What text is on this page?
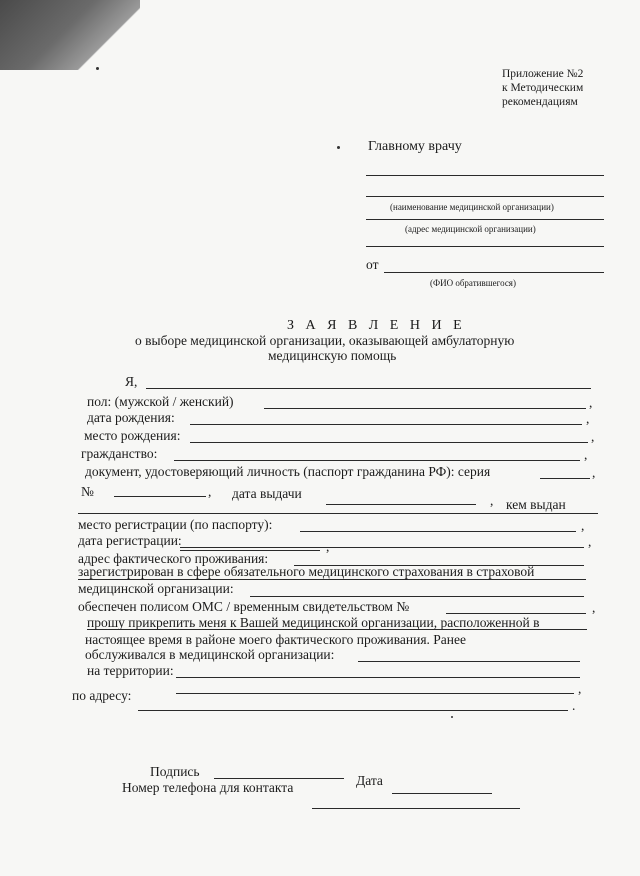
Приложение №2
к Методическим
рекомендациям
Главному врачу
(наименование медицинской организации)
(адрес медицинской организации)
от
(ФИО обратившегося)
З А Я В Л Е Н И Е
о выборе медицинской организации, оказывающей амбулаторную
медицинскую помощь
Я,
пол: (мужской / женский)	,
дата рождения:	,
место рождения:	,
гражданство:	,
документ, удостоверяющий личность (паспорт гражданина РФ): серия	,
№	, дата выдачи	, кем выдан
место регистрации (по паспорту):	,
дата регистрации:	,
,
адрес фактического проживания:
зарегистрирован в сфере обязательного медицинского страхования в страховой
медицинской организации:
обеспечен полисом ОМС / временным свидетельством №	,
прошу прикрепить меня к Вашей медицинской организации, расположенной в
настоящее время в районе моего фактического проживания. Ранее
обслуживался в медицинской организации:
на территории:
,
по адресу:
.
Подпись
Дата
Номер телефона для контакта
